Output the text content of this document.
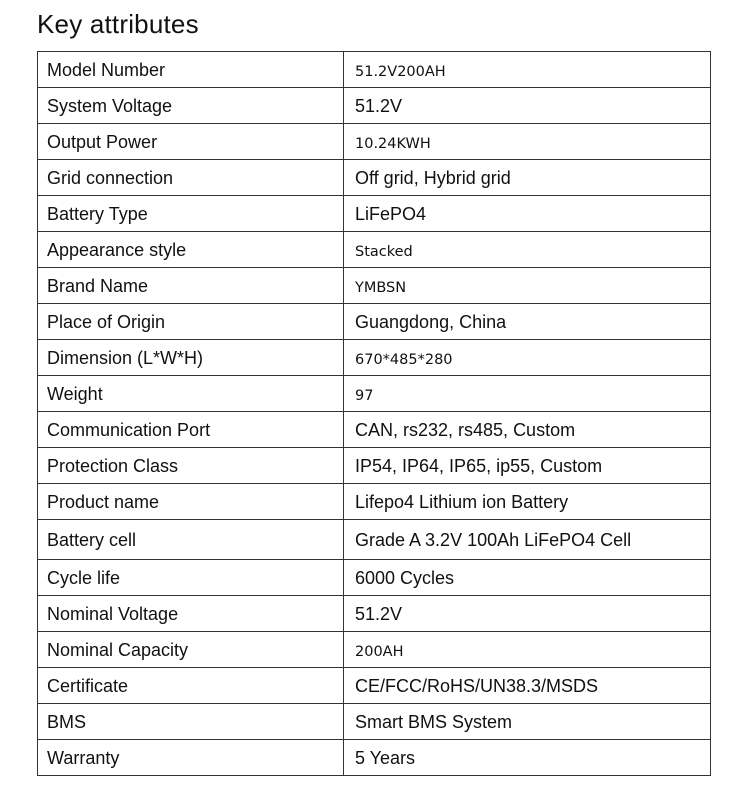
Key attributes
Model Number	51.2V200AH
System Voltage	51.2V
Output Power	10.24KWH
Grid connection	Off grid, Hybrid grid
Battery Type	LiFePO4
Appearance style	Stacked
Brand Name	YMBSN
Place of Origin	Guangdong, China
Dimension (L*W*H)	670*485*280
Weight	97
Communication Port	CAN, rs232, rs485, Custom
Protection Class	IP54, IP64, IP65, ip55, Custom
Product name	Lifepo4 Lithium ion Battery
Battery cell	Grade A 3.2V 100Ah LiFePO4 Cell
Cycle life	6000 Cycles
Nominal Voltage	51.2V
Nominal Capacity	200AH
Certificate	CE/FCC/RoHS/UN38.3/MSDS
BMS	Smart BMS System
Warranty	5 Years
